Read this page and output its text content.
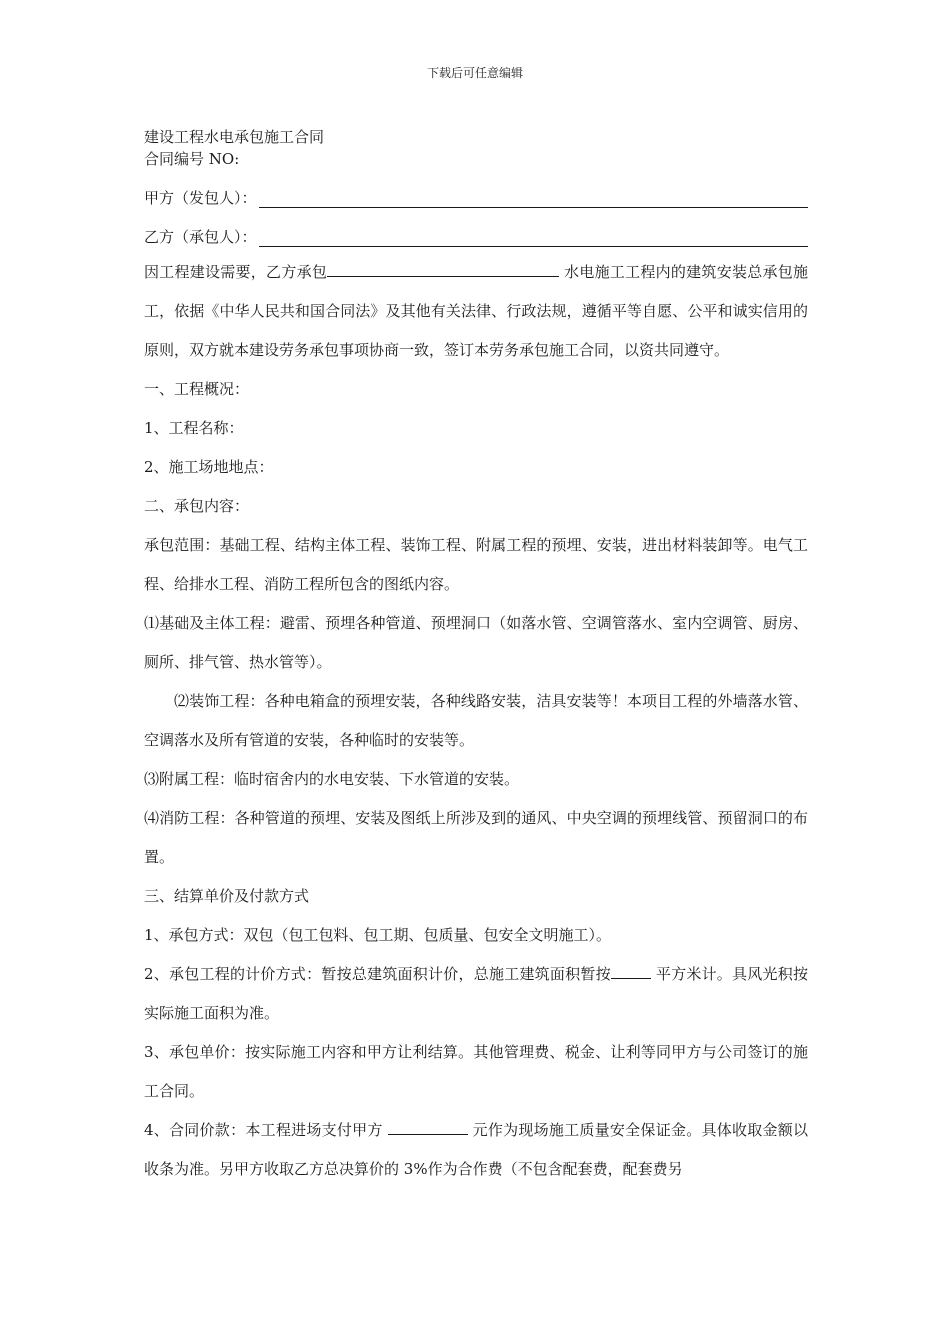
下载后可任意编辑

建设工程水电承包施工合同

合同编号 NO:

甲方（发包人）：
乙方（承包人）：

因工程建设需要，乙方承包	水电施工工程内的建筑安装总承包施工，依据《中华人民共和国合同法》及其他有关法律、行政法规，遵循平等自愿、公平和诚实信用的原则，双方就本建设劳务承包事项协商一致，签订本劳务承包施工合同，以资共同遵守。

一、工程概况：

1、工程名称：

2、施工场地地点：

二、承包内容：

承包范围：基础工程、结构主体工程、装饰工程、附属工程的预埋、安装，进出材料装卸等。电气工程、给排水工程、消防工程所包含的图纸内容。

⑴基础及主体工程：避雷、预埋各种管道、预埋洞口（如落水管、空调管落水、室内空调管、厨房、厕所、排气管、热水管等）。

⑵装饰工程：各种电箱盒的预埋安装，各种线路安装，洁具安装等！本项目工程的外墙落水管、空调落水及所有管道的安装，各种临时的安装等。

⑶附属工程：临时宿舍内的水电安装、下水管道的安装。

⑷消防工程：各种管道的预埋、安装及图纸上所涉及到的通风、中央空调的预埋线管、预留洞口的布置。

三、结算单价及付款方式

1、承包方式：双包（包工包料、包工期、包质量、包安全文明施工）。

2、承包工程的计价方式：暂按总建筑面积计价，总施工建筑面积暂按	平方米计。具风光积按实际施工面积为准。

3、承包单价：按实际施工内容和甲方让利结算。其他管理费、税金、让利等同甲方与公司签订的施工合同。

4、合同价款：本工程进场支付甲方	元作为现场施工质量安全保证金。具体收取金额以收条为准。另甲方收取乙方总决算价的 3%作为合作费（不包含配套费，配套费另
